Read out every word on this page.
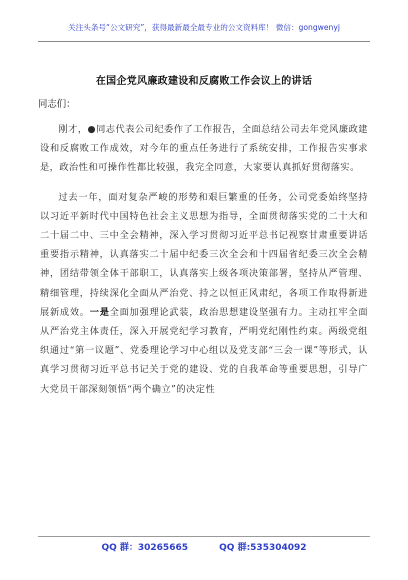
关注头条号“公文研究”，获得最新最全最专业的公文资料库！ 微信：gongwenyj
在国企党风廉政建设和反腐败工作会议上的讲话
同志们：

刚才，●同志代表公司纪委作了工作报告，全面总结公司去年党风廉政建设和反腐败工作成效，对今年的重点任务进行了系统安排，工作报告实事求是，政治性和可操作性都比较强，我完全同意，大家要认真抓好贯彻落实。

过去一年，面对复杂严峻的形势和艰巨繁重的任务，公司党委始终坚持以习近平新时代中国特色社会主义思想为指导，全面贯彻落实党的二十大和二十届二中、三中全会精神，深入学习贯彻习近平总书记视察甘肃重要讲话重要指示精神，认真落实二十届中纪委三次全会和十四届省纪委三次全会精神，团结带领全体干部职工，认真落实上级各项决策部署，坚持从严管理、精细管理，持续深化全面从严治党、持之以恒正风肃纪，各项工作取得新进展新成效。一是全面加强理论武装，政治思想建设坚强有力。主动扛牢全面从严治党主体责任，深入开展党纪学习教育，严明党纪刚性约束。两级党组织通过“第一议题”、党委理论学习中心组以及党支部“三会一课”等形式，认真学习贯彻习近平总书记关于党的建设、党的自我革命等重要思想，引导广大党员干部深刻领悟“两个确立”的决定性

QQ 群：30265665	QQ 群:535304092
